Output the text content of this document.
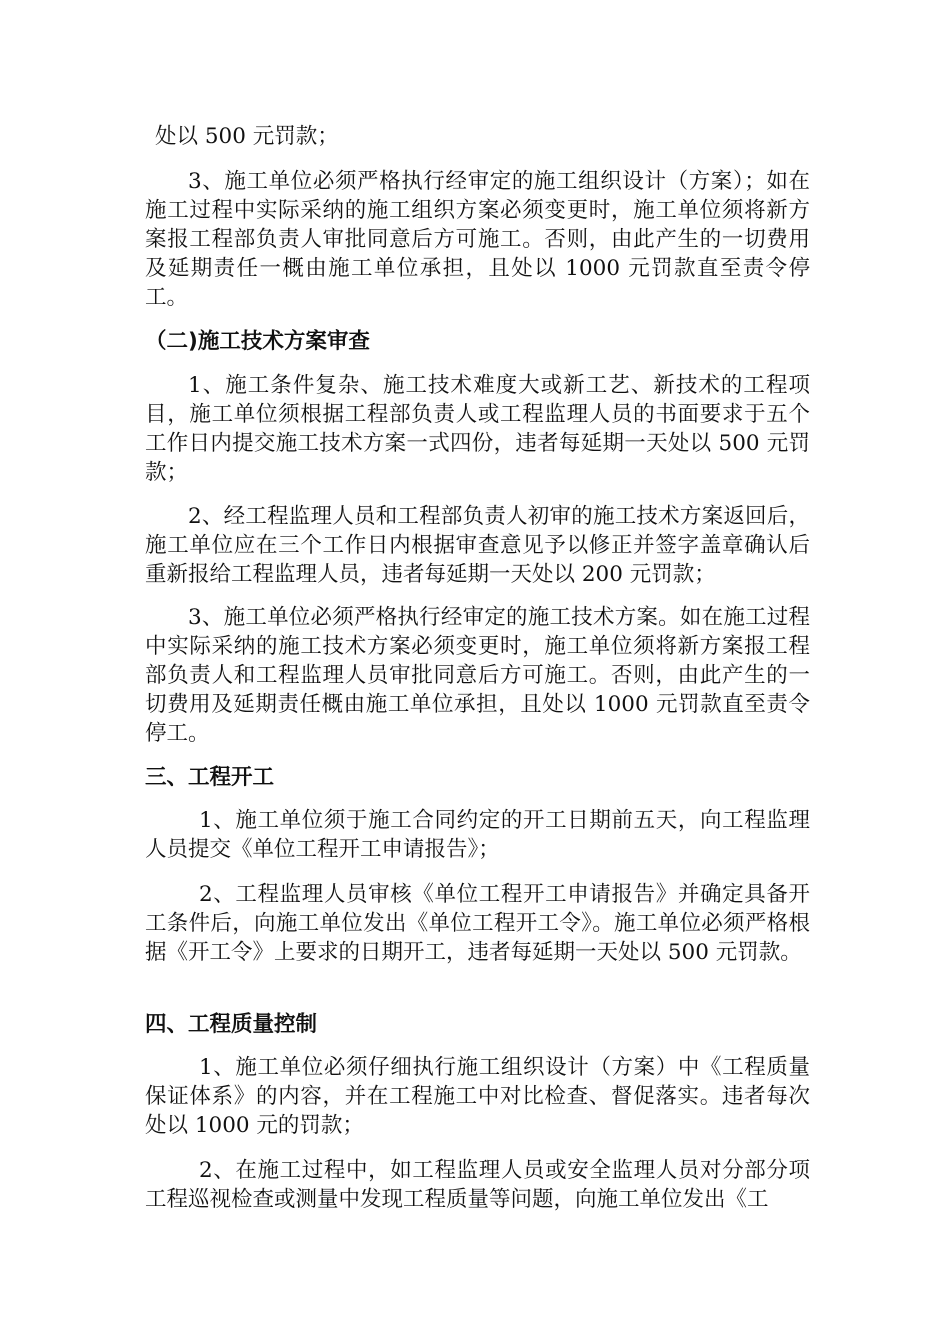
处以 500 元罚款；

3、施工单位必须严格执行经审定的施工组织设计（方案）；如在施工过程中实际采纳的施工组织方案必须变更时，施工单位须将新方案报工程部负责人审批同意后方可施工。否则，由此产生的一切费用及延期责任一概由施工单位承担，且处以 1000 元罚款直至责令停工。

（二)施工技术方案审查

1、施工条件复杂、施工技术难度大或新工艺、新技术的工程项目，施工单位须根据工程部负责人或工程监理人员的书面要求于五个工作日内提交施工技术方案一式四份，违者每延期一天处以 500 元罚款；

2、经工程监理人员和工程部负责人初审的施工技术方案返回后，施工单位应在三个工作日内根据审查意见予以修正并签字盖章确认后重新报给工程监理人员，违者每延期一天处以 200 元罚款；

3、施工单位必须严格执行经审定的施工技术方案。如在施工过程中实际采纳的施工技术方案必须变更时，施工单位须将新方案报工程部负责人和工程监理人员审批同意后方可施工。否则，由此产生的一切费用及延期责任概由施工单位承担，且处以 1000 元罚款直至责令停工。

三、工程开工

1、施工单位须于施工合同约定的开工日期前五天，向工程监理人员提交《单位工程开工申请报告》；

2、工程监理人员审核《单位工程开工申请报告》并确定具备开工条件后，向施工单位发出《单位工程开工令》。施工单位必须严格根据《开工令》上要求的日期开工，违者每延期一天处以 500 元罚款。

四、工程质量控制

1、施工单位必须仔细执行施工组织设计（方案）中《工程质量保证体系》的内容，并在工程施工中对比检查、督促落实。违者每次处以 1000 元的罚款；

2、在施工过程中，如工程监理人员或安全监理人员对分部分项工程巡视检查或测量中发现工程质量等问题，向施工单位发出《工
